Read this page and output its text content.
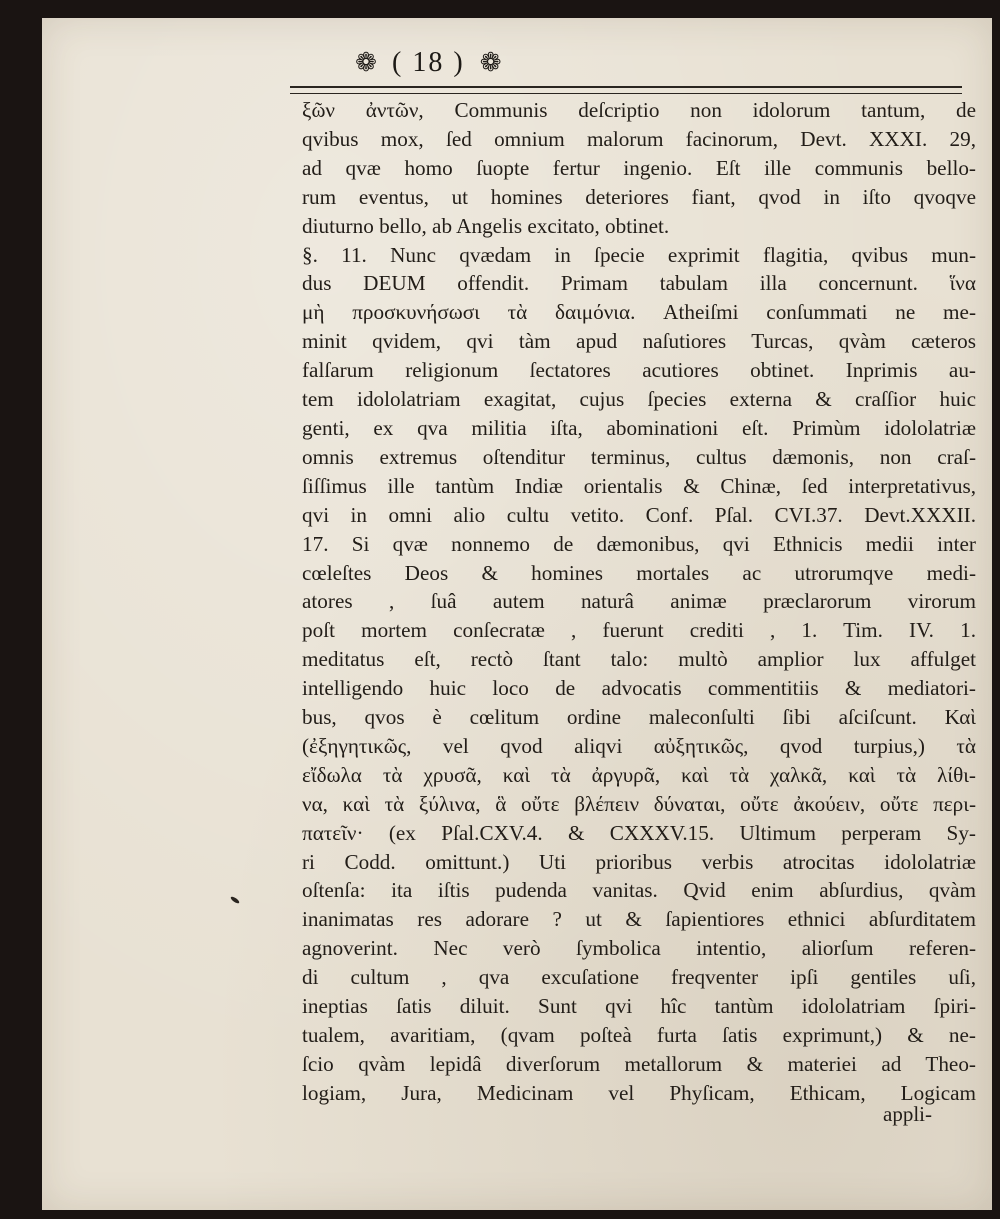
❁ ( 18 ) ❁
ξῶν ἀντῶν, Communis deſcriptio non idolorum tantum, de
qvibus mox, ſed omnium malorum facinorum, Devt. XXXI. 29,
ad qvæ homo ſuopte fertur ingenio. Eſt ille communis bello-
rum eventus, ut homines deteriores fiant, qvod in iſto qvoqve
diuturno bello, ab Angelis excitato, obtinet.
§. 11. Nunc qvædam in ſpecie exprimit flagitia, qvibus mun-
dus DEUM offendit. Primam tabulam illa concernunt. ἵνα
μὴ προσκυνήσωσι τὰ δαιμόνια. Atheiſmi conſummati ne me-
minit qvidem, qvi tàm apud naſutiores Turcas, qvàm cæteros
falſarum religionum ſectatores acutiores obtinet. Inprimis au-
tem idololatriam exagitat, cujus ſpecies externa & craſſior huic
genti, ex qva militia iſta, abominationi eſt. Primùm idololatriæ
omnis extremus oſtenditur terminus, cultus dæmonis, non craſ-
ſiſſimus ille tantùm Indiæ orientalis & Chinæ, ſed interpretativus,
qvi in omni alio cultu vetito. Conf. Pſal. CVI.37. Devt.XXXII.
17. Si qvæ nonnemo de dæmonibus, qvi Ethnicis medii inter
cœleſtes Deos & homines mortales ac utrorumqve medi-
atores , ſuâ autem naturâ animæ præclarorum virorum
poſt mortem conſecratæ , fuerunt crediti , 1. Tim. IV. 1.
meditatus eſt, rectò ſtant talo: multò amplior lux affulget
intelligendo huic loco de advocatis commentitiis & mediatori-
bus, qvos è cœlitum ordine maleconſulti ſibi aſciſcunt. Καὶ
(ἐξηγητικῶς, vel qvod aliqvi αὐξητικῶς, qvod turpius,) τὰ
εἴδωλα τὰ χρυσᾶ, καὶ τὰ ἀργυρᾶ, καὶ τὰ χαλκᾶ, καὶ τὰ λίθι-
να, καὶ τὰ ξύλινα, ἃ οὔτε βλέπειν δύναται, οὔτε ἀκούειν, οὔτε περι-
πατεῖν· (ex Pſal.CXV.4. & CXXXV.15. Ultimum perperam Sy-
ri Codd. omittunt.) Uti prioribus verbis atrocitas idololatriæ
oſtenſa: ita iſtis pudenda vanitas. Qvid enim abſurdius, qvàm
inanimatas res adorare ? ut & ſapientiores ethnici abſurditatem
agnoverint. Nec verò ſymbolica intentio, aliorſum referen-
di cultum , qva excuſatione freqventer ipſi gentiles uſi,
ineptias ſatis diluit. Sunt qvi hîc tantùm idololatriam ſpiri-
tualem, avaritiam, (qvam poſteà furta ſatis exprimunt,) & ne-
ſcio qvàm lepidâ diverſorum metallorum & materiei ad Theo-
logiam, Jura, Medicinam vel Phyſicam, Ethicam, Logicam
appli-
